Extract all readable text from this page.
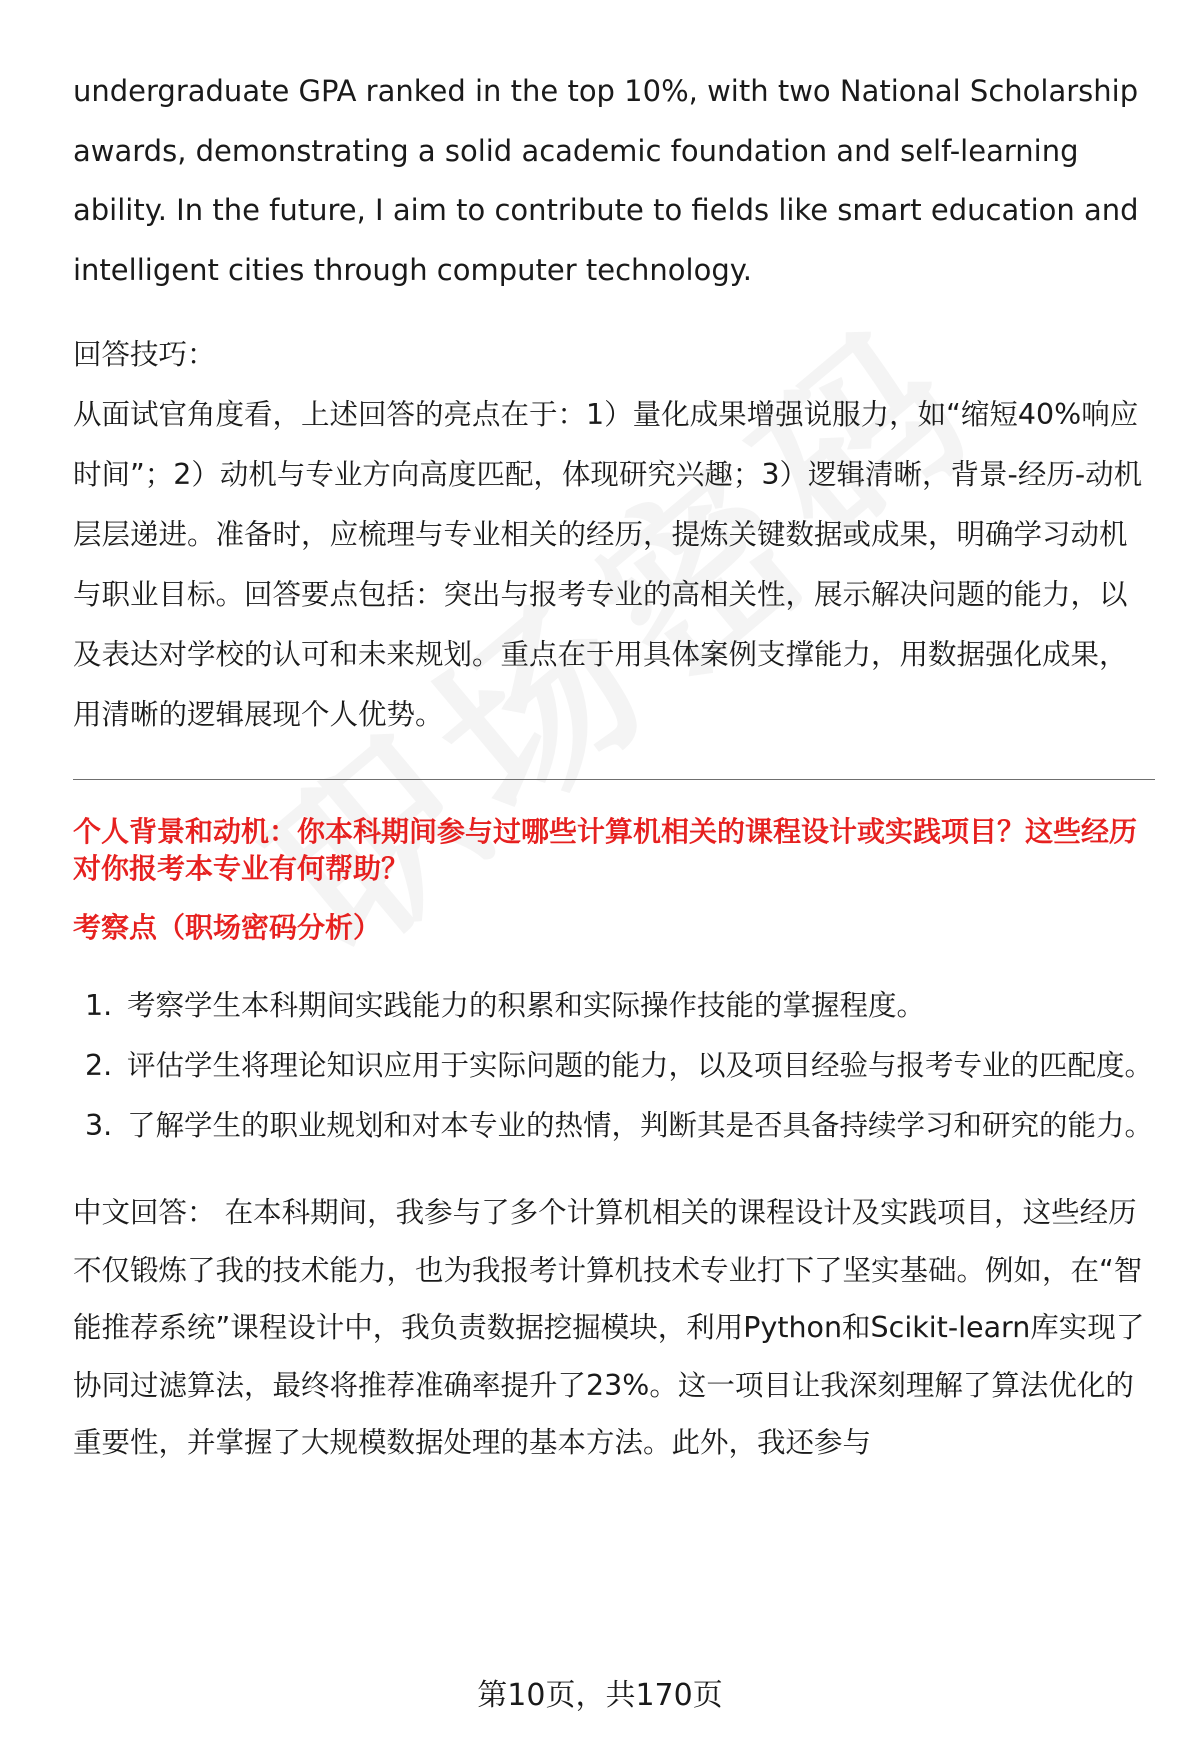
undergraduate GPA ranked in the top 10%, with two National Scholarship awards, demonstrating a solid academic foundation and self-learning ability. In the future, I aim to contribute to fields like smart education and intelligent cities through computer technology.

回答技巧：

从面试官角度看，上述回答的亮点在于：1）量化成果增强说服力，如“缩短40%响应时间”；2）动机与专业方向高度匹配，体现研究兴趣；3）逻辑清晰，背景-经历-动机层层递进。准备时，应梳理与专业相关的经历，提炼关键数据或成果，明确学习动机与职业目标。回答要点包括：突出与报考专业的高相关性，展示解决问题的能力，以及表达对学校的认可和未来规划。重点在于用具体案例支撑能力，用数据强化成果，用清晰的逻辑展现个人优势。

个人背景和动机：你本科期间参与过哪些计算机相关的课程设计或实践项目？这些经历对你报考本专业有何帮助？
考察点（职场密码分析）
1. 考察学生本科期间实践能力的积累和实际操作技能的掌握程度。
2. 评估学生将理论知识应用于实际问题的能力，以及项目经验与报考专业的匹配度。
3. 了解学生的职业规划和对本专业的热情，判断其是否具备持续学习和研究的能力。

中文回答： 在本科期间，我参与了多个计算机相关的课程设计及实践项目，这些经历不仅锻炼了我的技术能力，也为我报考计算机技术专业打下了坚实基础。例如，在“智能推荐系统”课程设计中，我负责数据挖掘模块，利用Python和Scikit-learn库实现了协同过滤算法，最终将推荐准确率提升了23%。这一项目让我深刻理解了算法优化的重要性，并掌握了大规模数据处理的基本方法。此外，我还参与

第10页，共170页
